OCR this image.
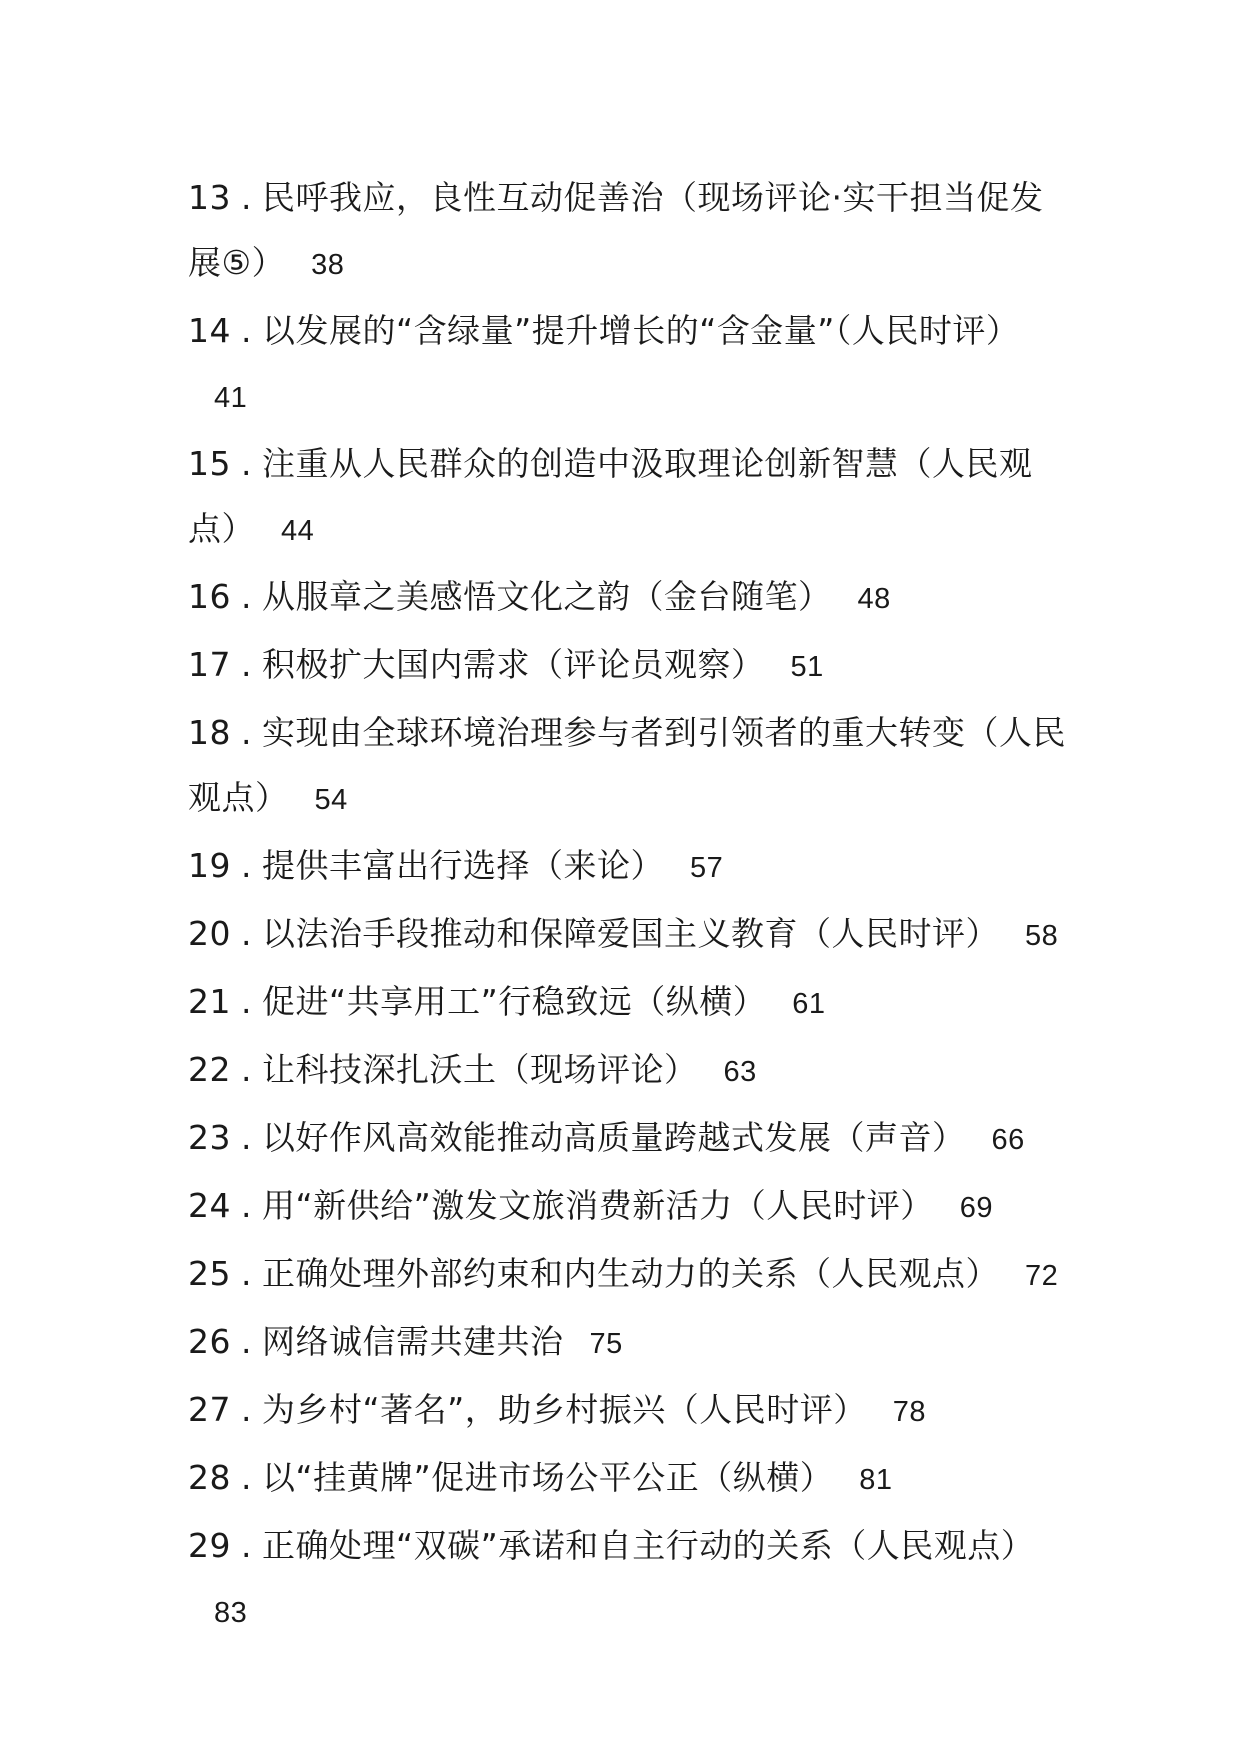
13 . 民呼我应，良性互动促善治（现场评论·实干担当促发展⑤） 38

14 . 以发展的“含绿量”提升增长的“含金量”（人民时评）41

15 . 注重从人民群众的创造中汲取理论创新智慧（人民观点） 44

16 . 从服章之美感悟文化之韵（金台随笔） 48

17 . 积极扩大国内需求（评论员观察） 51

18 . 实现由全球环境治理参与者到引领者的重大转变（人民观点） 54

19 . 提供丰富出行选择（来论） 57

20 . 以法治手段推动和保障爱国主义教育（人民时评） 58

21 . 促进“共享用工”行稳致远（纵横） 61

22 . 让科技深扎沃土（现场评论） 63

23 . 以好作风高效能推动高质量跨越式发展（声音） 66

24 . 用“新供给”激发文旅消费新活力（人民时评） 69

25 . 正确处理外部约束和内生动力的关系（人民观点） 72

26 . 网络诚信需共建共治 75

27 . 为乡村“著名”，助乡村振兴（人民时评） 78

28 . 以“挂黄牌”促进市场公平公正（纵横） 81

29 . 正确处理“双碳”承诺和自主行动的关系（人民观点）83
